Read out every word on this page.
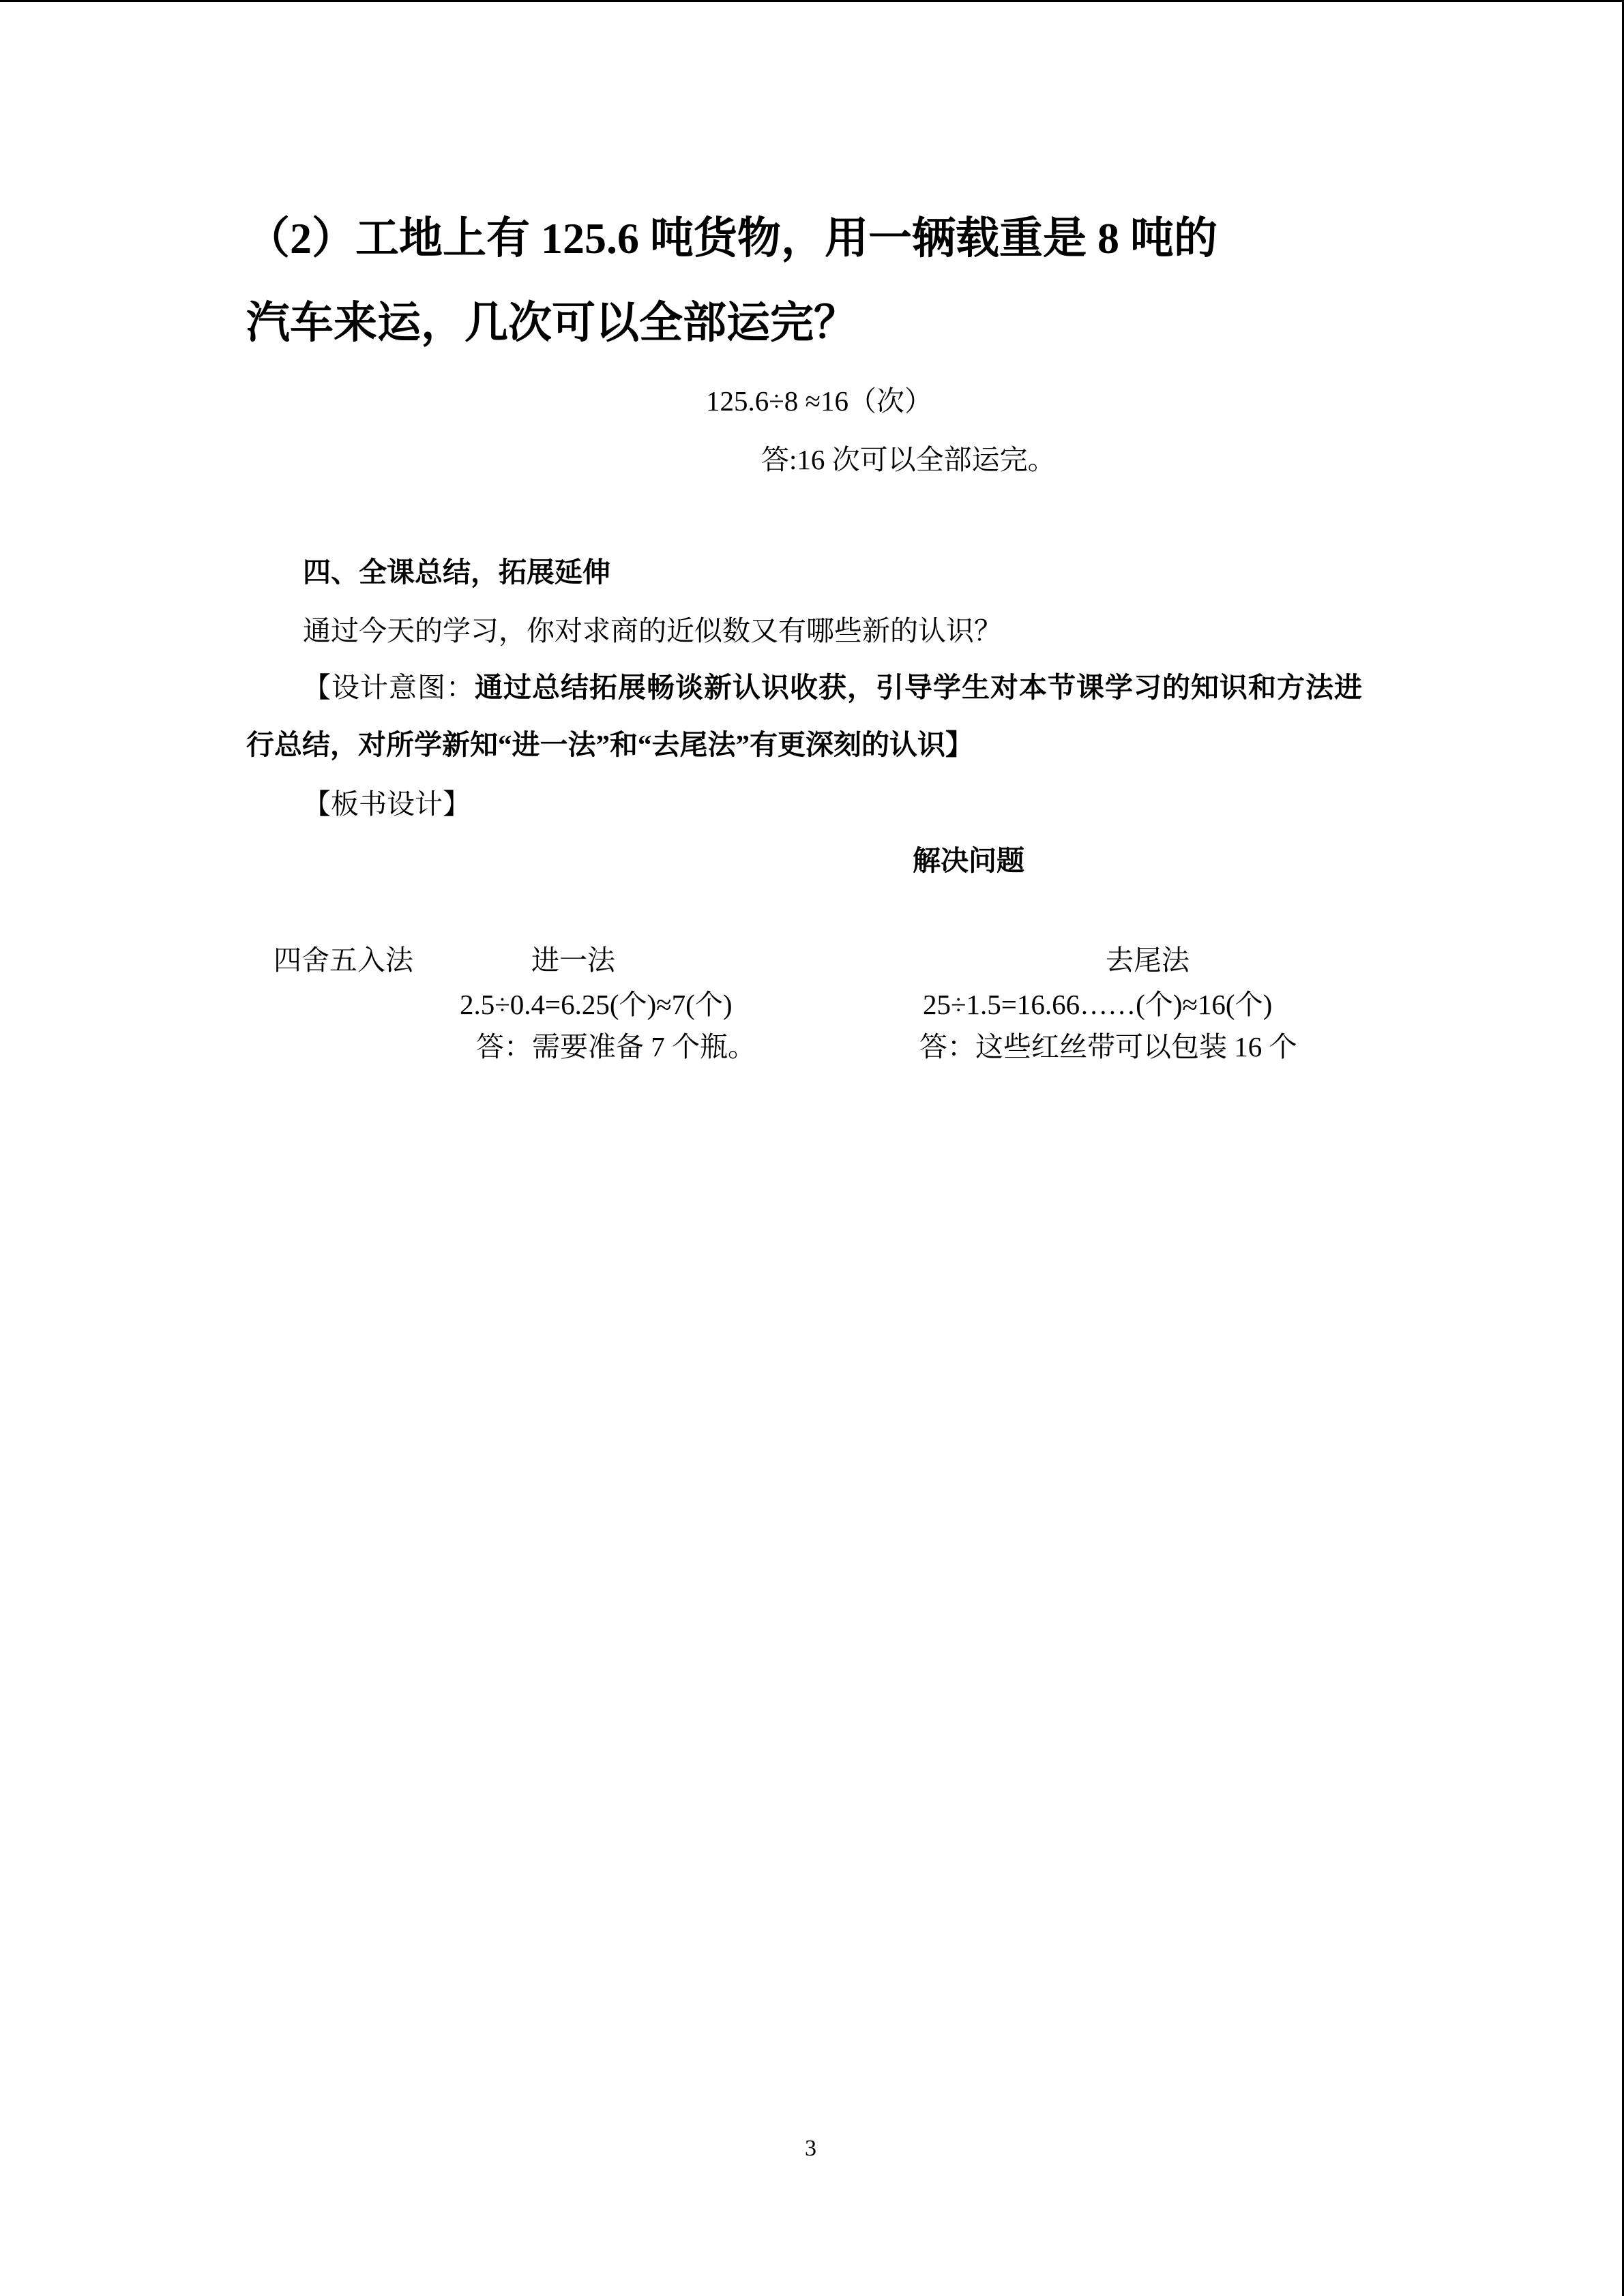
（2）工地上有 125.6 吨货物，用一辆载重是 8 吨的
汽车来运，几次可以全部运完？
125.6÷8 ≈16（次）
答:16 次可以全部运完。
四、全课总结，拓展延伸
通过今天的学习，你对求商的近似数又有哪些新的认识？
【设计意图：通过总结拓展畅谈新认识收获，引导学生对本节课学习的知识和方法进
行总结，对所学新知“进一法”和“去尾法”有更深刻的认识】
【板书设计】
解决问题
四舍五入法	进一法	去尾法
2.5÷0.4=6.25(个)≈7(个)	25÷1.5=16.66……(个)≈16(个)
答：需要准备 7 个瓶。	答：这些红丝带可以包装 16 个
3
